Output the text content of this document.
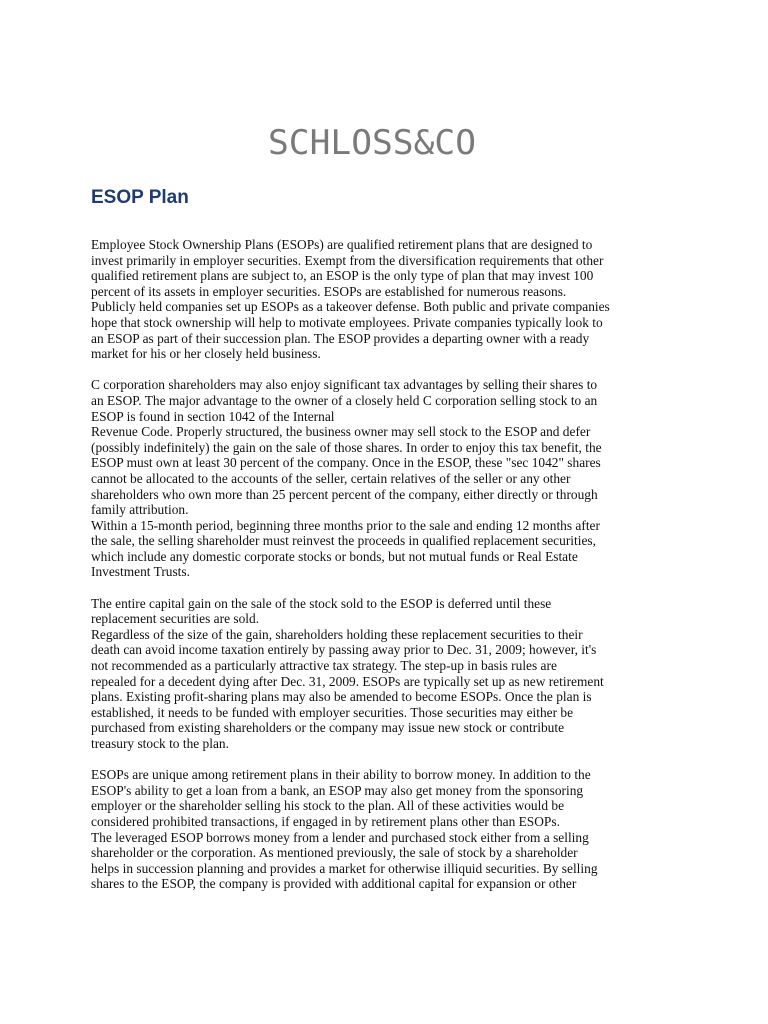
SCHLOSS&CO
ESOP Plan
Employee Stock Ownership Plans (ESOPs) are qualified retirement plans that are designed to
invest primarily in employer securities. Exempt from the diversification requirements that other
qualified retirement plans are subject to, an ESOP is the only type of plan that may invest 100
percent of its assets in employer securities. ESOPs are established for numerous reasons.
Publicly held companies set up ESOPs as a takeover defense. Both public and private companies
hope that stock ownership will help to motivate employees. Private companies typically look to
an ESOP as part of their succession plan. The ESOP provides a departing owner with a ready
market for his or her closely held business.
C corporation shareholders may also enjoy significant tax advantages by selling their shares to
an ESOP. The major advantage to the owner of a closely held C corporation selling stock to an
ESOP is found in section 1042 of the Internal
Revenue Code. Properly structured, the business owner may sell stock to the ESOP and defer
(possibly indefinitely) the gain on the sale of those shares. In order to enjoy this tax benefit, the
ESOP must own at least 30 percent of the company. Once in the ESOP, these "sec 1042" shares
cannot be allocated to the accounts of the seller, certain relatives of the seller or any other
shareholders who own more than 25 percent percent of the company, either directly or through
family attribution.
Within a 15-month period, beginning three months prior to the sale and ending 12 months after
the sale, the selling shareholder must reinvest the proceeds in qualified replacement securities,
which include any domestic corporate stocks or bonds, but not mutual funds or Real Estate
Investment Trusts.
The entire capital gain on the sale of the stock sold to the ESOP is deferred until these
replacement securities are sold.
Regardless of the size of the gain, shareholders holding these replacement securities to their
death can avoid income taxation entirely by passing away prior to Dec. 31, 2009; however, it's
not recommended as a particularly attractive tax strategy. The step-up in basis rules are
repealed for a decedent dying after Dec. 31, 2009. ESOPs are typically set up as new retirement
plans. Existing profit-sharing plans may also be amended to become ESOPs. Once the plan is
established, it needs to be funded with employer securities. Those securities may either be
purchased from existing shareholders or the company may issue new stock or contribute
treasury stock to the plan.
ESOPs are unique among retirement plans in their ability to borrow money. In addition to the
ESOP's ability to get a loan from a bank, an ESOP may also get money from the sponsoring
employer or the shareholder selling his stock to the plan. All of these activities would be
considered prohibited transactions, if engaged in by retirement plans other than ESOPs.
The leveraged ESOP borrows money from a lender and purchased stock either from a selling
shareholder or the corporation. As mentioned previously, the sale of stock by a shareholder
helps in succession planning and provides a market for otherwise illiquid securities. By selling
shares to the ESOP, the company is provided with additional capital for expansion or other
